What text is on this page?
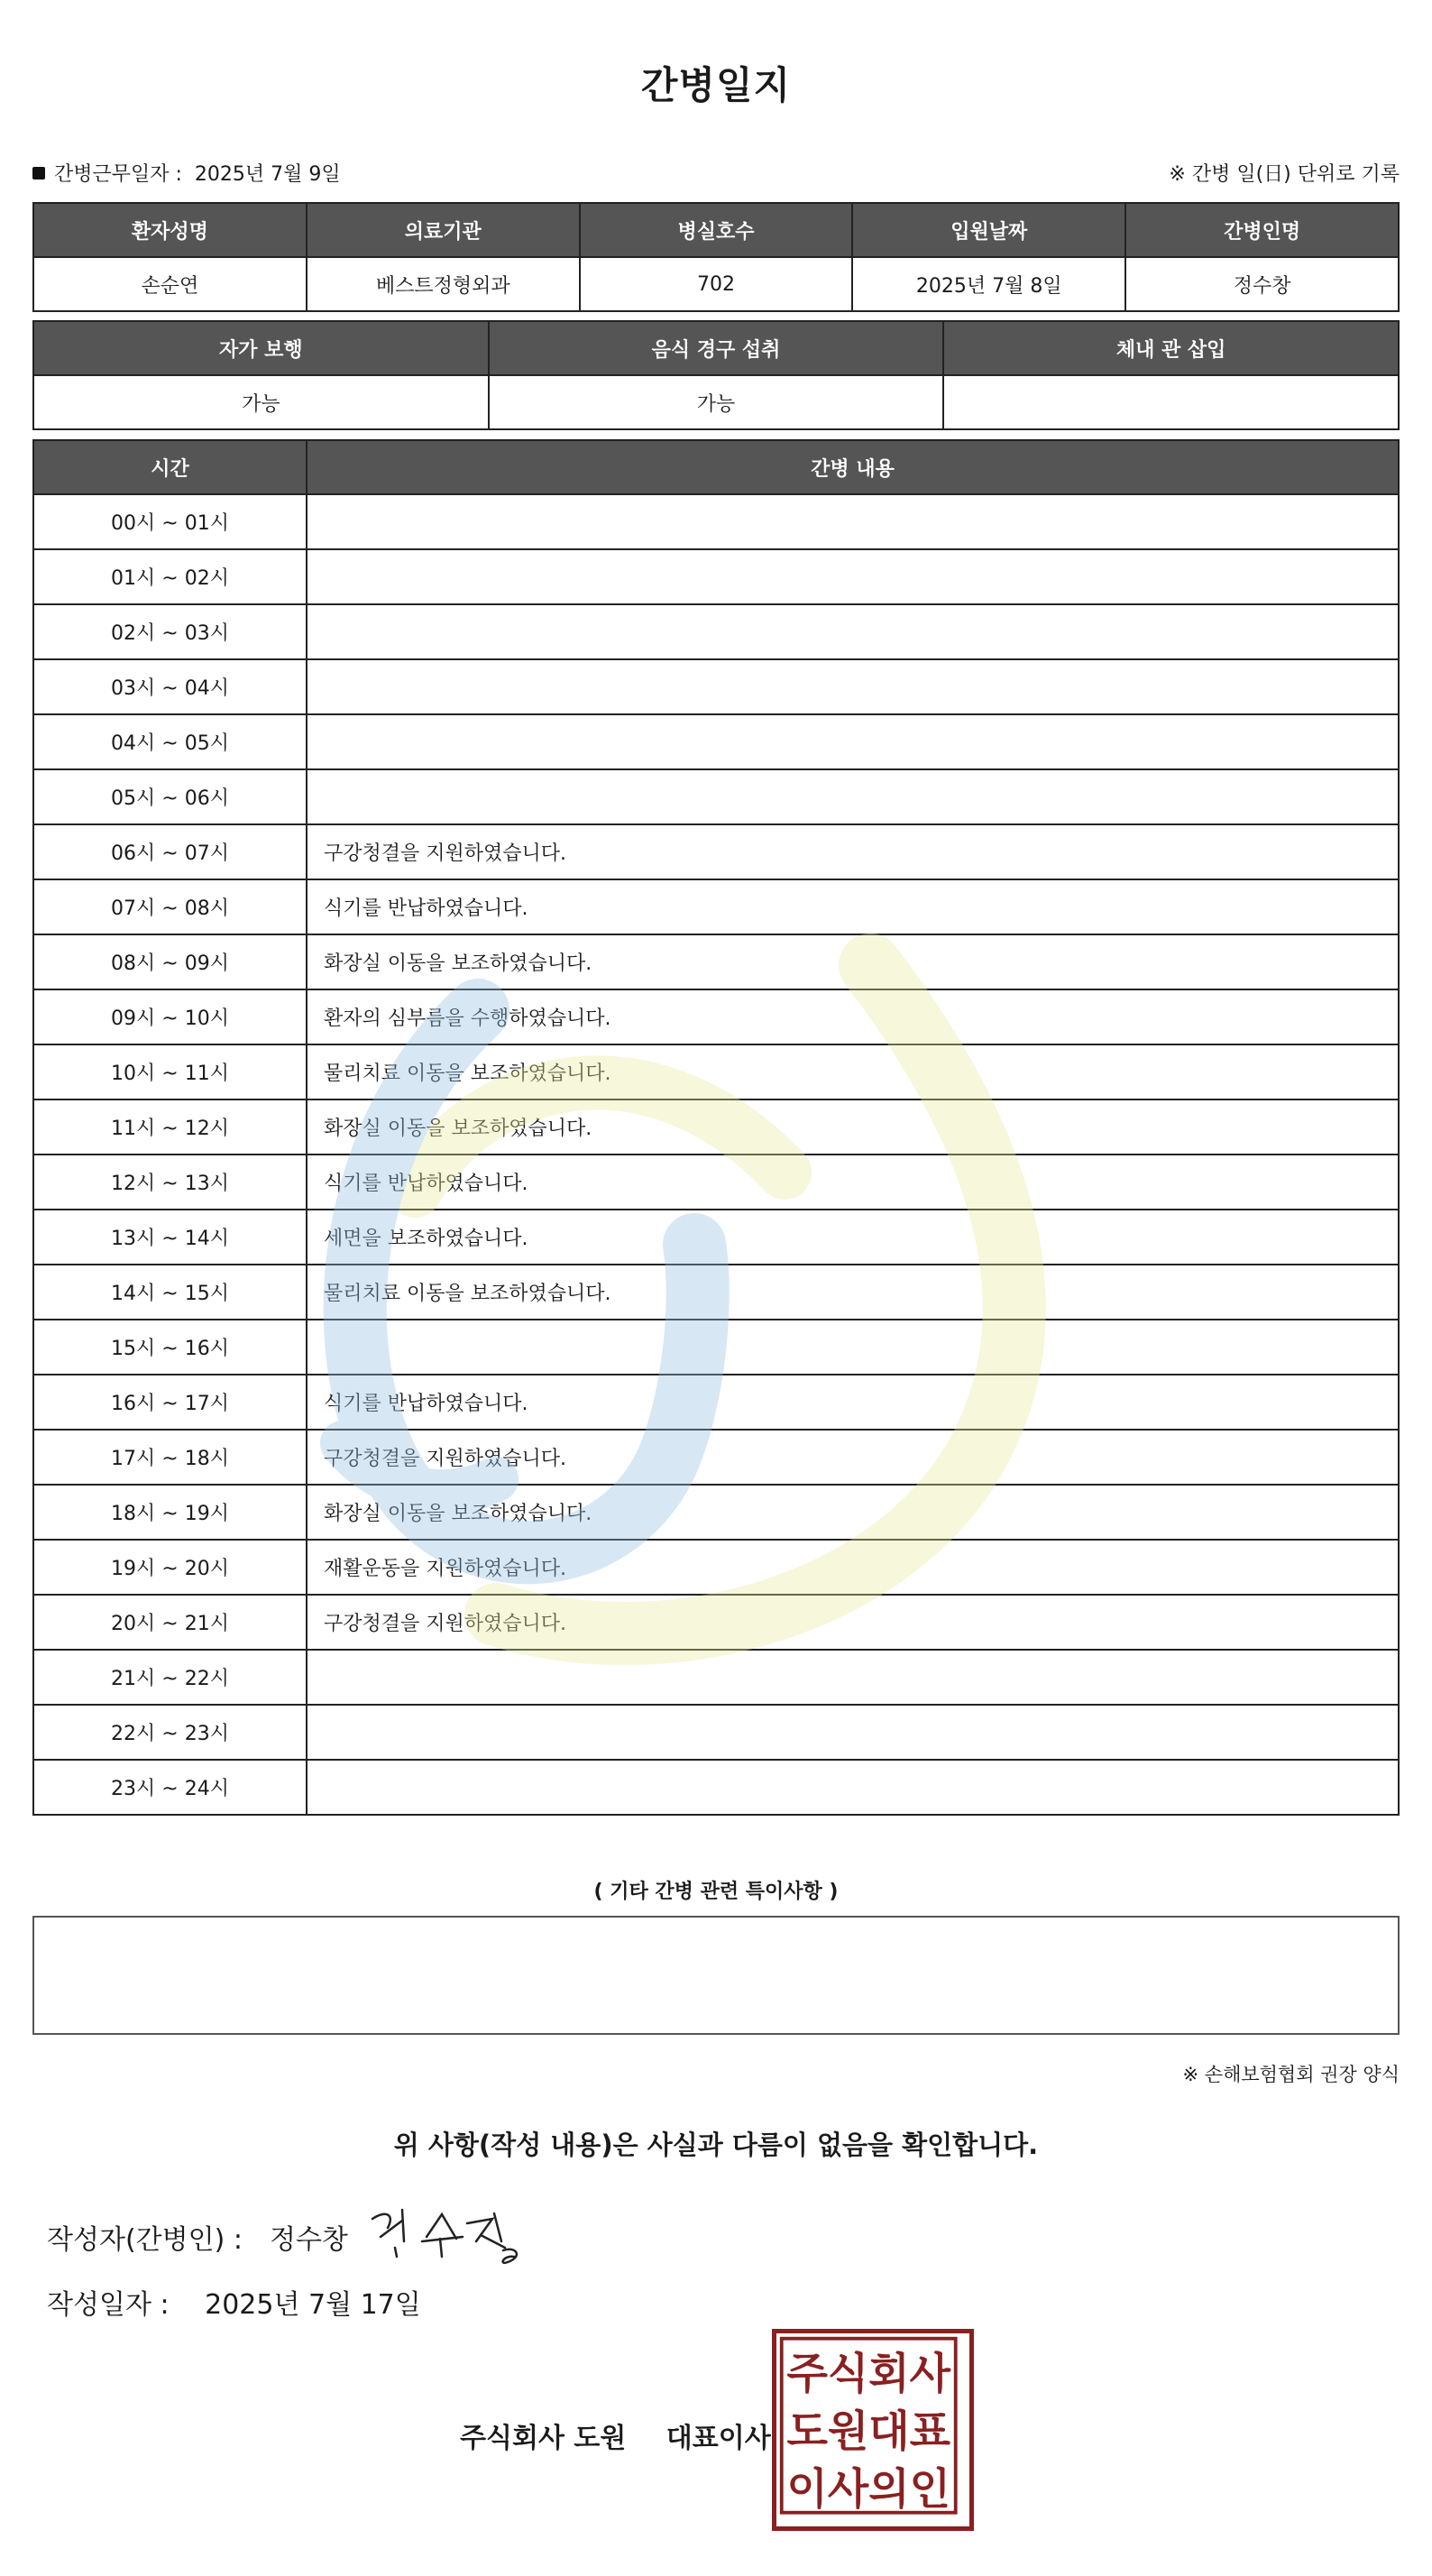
간병일지
간병근무일자 : 2025년 7월 9일	※ 간병 일(日) 단위로 기록
환자성명	의료기관	병실호수	입원날짜	간병인명
손순연	베스트정형외과	702	2025년 7월 8일	정수창
자가 보행	음식 경구 섭취	체내 관 삽입
가능	가능	
시간	간병 내용
00시 ~ 01시	
01시 ~ 02시	
02시 ~ 03시	
03시 ~ 04시	
04시 ~ 05시	
05시 ~ 06시	
06시 ~ 07시	구강청결을 지원하였습니다.
07시 ~ 08시	식기를 반납하였습니다.
08시 ~ 09시	화장실 이동을 보조하였습니다.
09시 ~ 10시	환자의 심부름을 수행하였습니다.
10시 ~ 11시	물리치료 이동을 보조하였습니다.
11시 ~ 12시	화장실 이동을 보조하였습니다.
12시 ~ 13시	식기를 반납하였습니다.
13시 ~ 14시	세면을 보조하였습니다.
14시 ~ 15시	물리치료 이동을 보조하였습니다.
15시 ~ 16시	
16시 ~ 17시	식기를 반납하였습니다.
17시 ~ 18시	구강청결을 지원하였습니다.
18시 ~ 19시	화장실 이동을 보조하였습니다.
19시 ~ 20시	재활운동을 지원하였습니다.
20시 ~ 21시	구강청결을 지원하였습니다.
21시 ~ 22시	
22시 ~ 23시	
23시 ~ 24시	
( 기타 간병 관련 특이사항 )
※ 손해보험협회 권장 양식
위 사항(작성 내용)은 사실과 다름이 없음을 확인합니다.
작성자(간병인) : 정수창
작성일자 : 2025년 7월 17일
주식회사 도원 대표이사
주식회사
도원대표
이사의인
